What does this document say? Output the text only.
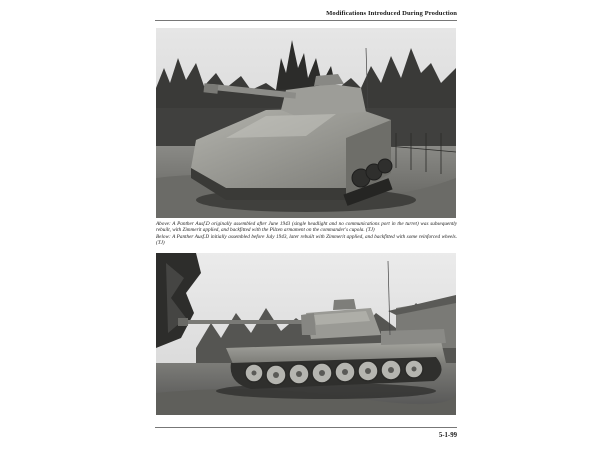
Modifications Introduced During Production

Above: A Panther Ausf.D originally assembled after June 1943 (single headlight and no communications port in the turret) was subsequently rebuilt, with Zimmerit applied, and backfitted with the Pilzen armament on the commander's cupola. (TJ)

Below: A Panther Ausf.D initially assembled before July 1943, later rebuilt with Zimmerit applied, and backfitted with some reinforced wheels. (TJ)

5-1-99
